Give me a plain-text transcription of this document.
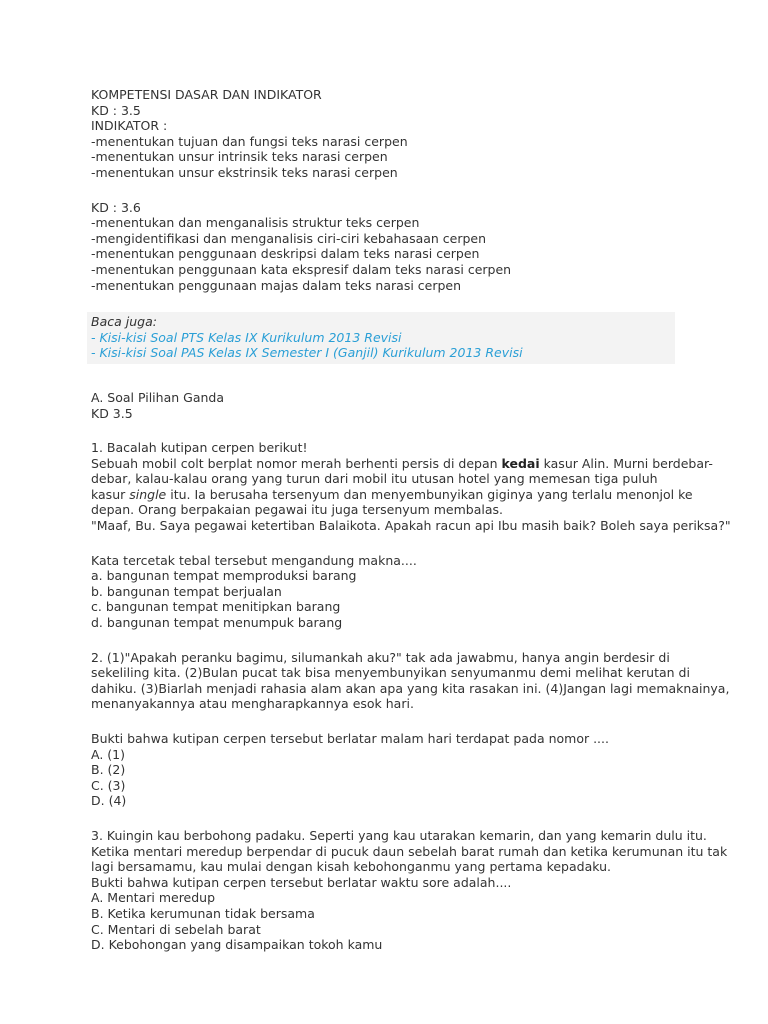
KOMPETENSI DASAR DAN INDIKATOR
KD : 3.5
INDIKATOR :
-menentukan tujuan dan fungsi teks narasi cerpen
-menentukan unsur intrinsik teks narasi cerpen
-menentukan unsur ekstrinsik teks narasi cerpen
KD : 3.6
-menentukan dan menganalisis struktur teks cerpen
-mengidentifikasi dan menganalisis ciri-ciri kebahasaan cerpen
-menentukan penggunaan deskripsi dalam teks narasi cerpen
-menentukan penggunaan kata ekspresif dalam teks narasi cerpen
-menentukan penggunaan majas dalam teks narasi cerpen
Baca juga:
- Kisi-kisi Soal PTS Kelas IX Kurikulum 2013 Revisi
- Kisi-kisi Soal PAS Kelas IX Semester I (Ganjil) Kurikulum 2013 Revisi
A. Soal Pilihan Ganda
KD 3.5
1. Bacalah kutipan cerpen berikut!
Sebuah mobil colt berplat nomor merah berhenti persis di depan kedai kasur Alin. Murni berdebar-
debar, kalau-kalau orang yang turun dari mobil itu utusan hotel yang memesan tiga puluh
kasur single itu. Ia berusaha tersenyum dan menyembunyikan giginya yang terlalu menonjol ke
depan. Orang berpakaian pegawai itu juga tersenyum membalas.
"Maaf, Bu. Saya pegawai ketertiban Balaikota. Apakah racun api Ibu masih baik? Boleh saya periksa?"
Kata tercetak tebal tersebut mengandung makna....
a. bangunan tempat memproduksi barang
b. bangunan tempat berjualan
c. bangunan tempat menitipkan barang
d. bangunan tempat menumpuk barang
2. (1)"Apakah peranku bagimu, silumankah aku?" tak ada jawabmu, hanya angin berdesir di
sekeliling kita. (2)Bulan pucat tak bisa menyembunyikan senyumanmu demi melihat kerutan di
dahiku. (3)Biarlah menjadi rahasia alam akan apa yang kita rasakan ini. (4)Jangan lagi memaknainya,
menanyakannya atau mengharapkannya esok hari.
Bukti bahwa kutipan cerpen tersebut berlatar malam hari terdapat pada nomor ....
A. (1)
B. (2)
C. (3)
D. (4)
3. Kuingin kau berbohong padaku. Seperti yang kau utarakan kemarin, dan yang kemarin dulu itu.
Ketika mentari meredup berpendar di pucuk daun sebelah barat rumah dan ketika kerumunan itu tak
lagi bersamamu, kau mulai dengan kisah kebohonganmu yang pertama kepadaku.
Bukti bahwa kutipan cerpen tersebut berlatar waktu sore adalah....
A. Mentari meredup
B. Ketika kerumunan tidak bersama
C. Mentari di sebelah barat
D. Kebohongan yang disampaikan tokoh kamu
